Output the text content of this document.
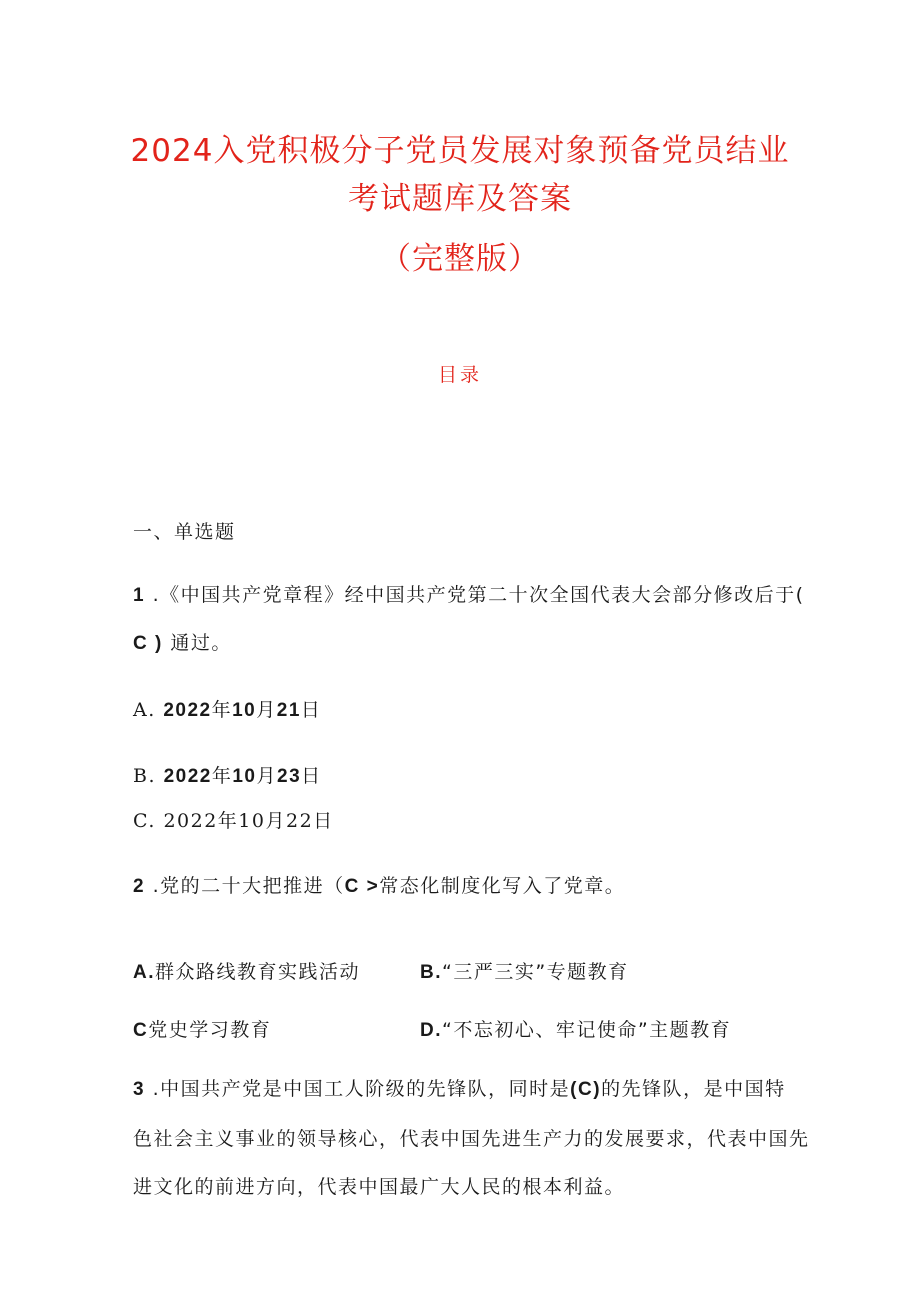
2024入党积极分子党员发展对象预备党员结业
考试题库及答案
（完整版）
目录
一、单选题
1 .《中国共产党章程》经中国共产党第二十次全国代表大会部分修改后于(
C ) 通过。
A. 2022年10月21日
B. 2022年10月23日
C. 2022年10月22日
2 .党的二十大把推进（C >常态化制度化写入了党章。
A.群众路线教育实践活动	B.“三严三实”专题教育
C党史学习教育	D.“不忘初心、牢记使命”主题教育
3 .中国共产党是中国工人阶级的先锋队，同时是(C)的先锋队，是中国特
色社会主义事业的领导核心，代表中国先进生产力的发展要求，代表中国先
进文化的前进方向，代表中国最广大人民的根本利益。
